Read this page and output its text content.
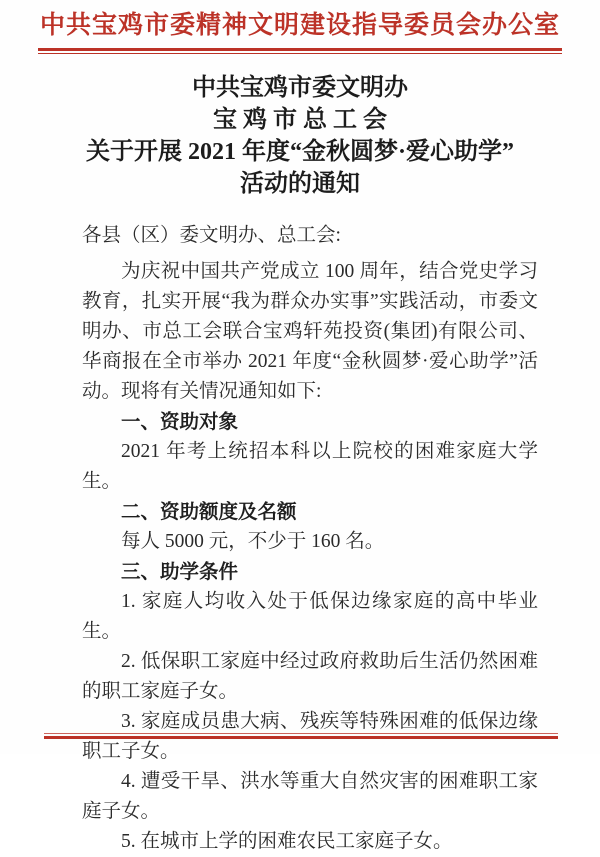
中共宝鸡市委精神文明建设指导委员会办公室
中共宝鸡市委文明办
宝 鸡 市 总 工 会
关于开展 2021 年度“金秋圆梦·爱心助学”
活动的通知

各县（区）委文明办、总工会:

为庆祝中国共产党成立 100 周年，结合党史学习教育，扎实开展“我为群众办实事”实践活动，市委文明办、市总工会联合宝鸡轩苑投资(集团)有限公司、华商报在全市举办 2021 年度“金秋圆梦·爱心助学”活动。现将有关情况通知如下:

一、资助对象

2021 年考上统招本科以上院校的困难家庭大学生。

二、资助额度及名额

每人 5000 元，不少于 160 名。

三、助学条件

1. 家庭人均收入处于低保边缘家庭的高中毕业生。

2. 低保职工家庭中经过政府救助后生活仍然困难的职工家庭子女。

3. 家庭成员患大病、残疾等特殊困难的低保边缘职工子女。

4. 遭受干旱、洪水等重大自然灾害的困难职工家庭子女。

5. 在城市上学的困难农民工家庭子女。
